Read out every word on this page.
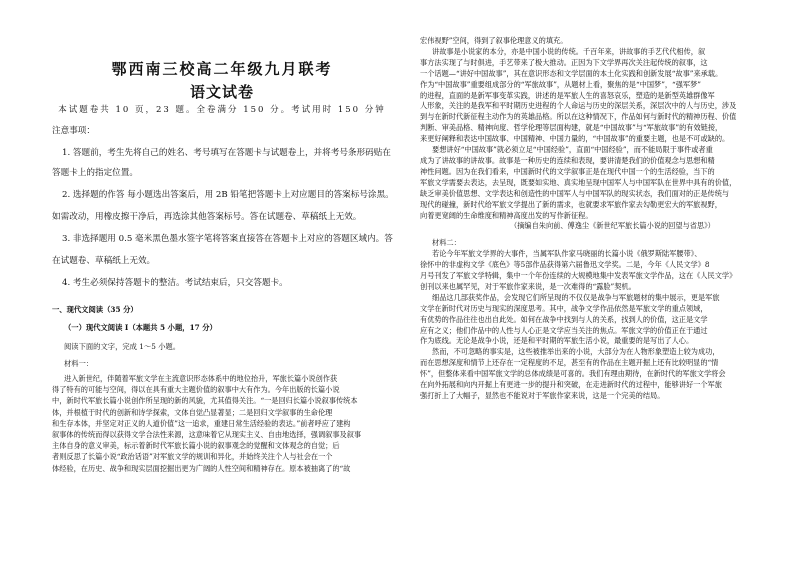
鄂西南三校高二年级九月联考
语文试卷
本试题卷共 10 页，23 题。全卷满分 150 分。考试用时 150 分钟
注意事项：
1. 答题前，考生先将自己的姓名、考号填写在答题卡与试题卷上，并将考号条形码贴在
答题卡上的指定位置。
2. 选择题的作答 每小题选出答案后，用 2B 铅笔把答题卡上对应题目的答案标号涂黑。
如需改动，用橡皮擦干净后，再选涂其他答案标号。答在试题卷、草稿纸上无效。
3. 非选择题用 0.5 毫米黑色墨水签字笔将答案直接答在答题卡上对应的答题区域内。答
在试题卷、草稿纸上无效。
4. 考生必须保持答题卡的整洁。考试结束后，只交答题卡。
一、现代文阅读（35 分）
（一）现代文阅读 I（本题共 5 小题，17 分）
阅读下面的文字，完成 1～5 小题。
材料一：
进入新世纪，伴随着军旅文学在主流意识形态体系中的地位抬升，军旅长篇小说创作获
得了特有的可能与空间，得以在具有重大主题价值的叙事中大有作为。今年出版的长篇小说
中，新时代军旅长篇小说创作所呈现的新的风貌，尤其值得关注。“一是回归长篇小说叙事传统本
体，并根植于时代的创新和诗学探索，文体自觉凸显著显；二是回归文学叙事的生命伦理
和生存本体，并坚定对正义的人道价值”这一追求，重建日常生活经验的表达。”前者呼应了建构
叙事体的传统而得以获得文学合法性来源，这意味着它从现实主义、自由地选择，强调叙事及叙事
主体自身的意义审美，标示着新时代军旅长篇小说的叙事观念的觉醒和文体观念的自觉；后
者则反思了长篇小说“政治话语”对军旅文学的规训和异化，并始终关注个人与社会在一个
体经验，在历史、战争和现实层面挖掘出更为广阔的人性空间和精神存在。原本被抽离了的“故
宏伟视野”空间，得到了叙事伦理意义的填充。
讲故事是小说家的本分，亦是中国小说的传统。千百年来，讲故事的手艺代代相传，叙
事方法实现了与时俱进，手艺带来了极大推动。正因为下文学界再次关注起传统的叙事，这
一个话题—“讲好中国故事”，其在意识形态和文学层面的本土化实践和创新发展“故事”来承载。
作为“中国故事”重要组成部分的“军旅故事”，从题材上看，聚焦的是“中国梦”，“强军梦”
的进程，直面的是新军事变革实践，讲述的是军旅人生的喜怒哀乐，塑造的是新型英雄群像军
人形象，关注的是我军和平时期历史进程的个人命运与历史的深层关系，深层次中的人与历史，涉及
到与在新时代新征程主动作为的英雄品格。所以在这种情况下，作品如何与新时代的精神历程、价值
判断、审美品格、精神向度、哲学伦理等层面构建，就是“中国故事”与“军旅故事”的有效链接，
来更好阐释和表达中国故事、中国精神、中国力量的，“中国故事”的重要主题，也是不可或缺的。
要想讲好“中国故事”就必须立足“中国经验”，直面“中国经验”，而不能局限于事件或者重
成为了讲故事的讲故事。故事是一种历史的连续和表现，要讲清楚我们的价值观念与思想和精
神性问题。因为在我们看来，中国新时代的文学叙事正是在现代中国一个的生活经验，当下的
军旅文学需要去表达，去呈现，既要如实地、真实地呈现中国军人与中国军队在世界中具有的价值，
缺乏审美价值思想、文学表达和创造性的中国军人与中国军队的现实状态，我们面对的正是传统与
现代的碰撞，新时代给军旅文学提出了新的需求，也就要求军旅作家去勾勒更宏大的军旅视野，
向着更宽阔的生命维度和精神高度出发的写作新征程。
（摘编自朱向前、傅逸尘《新世纪军旅长篇小说的回望与省思》）
材料二：
若论今年军旅文学界的大事件，当属军队作家马晓丽的长篇小说《俄罗斯陆军腰带》、
徐怀中的非虚构文学《底色》等5部作品获得第六届鲁迅文学奖。二是，今年《人民文学》8
月号刊发了军旅文学特辑，集中一个年份连续的大规模地集中发表军旅文学作品，这在《人民文学》
创刊以来也属罕见，对于军旅作家来说，是一次难得的“露脸”契机。
细品这几部获奖作品，会发现它们所呈现的不仅仅是战争与军旅题材的集中展示，更是军旅
文学在新时代对历史与现实的深度思考。其中，战争文学作品依然是军旅文学的重点领域，
有优势的作品往往也出自此处。如何在战争中找到与人的关系，找到人的价值，这正是文学
应有之义；他们作品中的人性与人心正是文学应当关注的焦点。军旅文学的价值正在于通过
作为底线。无论是战争小说，还是和平时期的军旅生活小说，最重要的是写出了人心。
然而，不可忽略的事实是，这些被推举出来的小说，大部分为在人物形象塑造上较为成功，
而在思想深度和情节上还存在一定程度的不足，甚至有的作品在主题开掘上还有比较明显的“情
怀”，但整体来看中国军旅文学的总体成绩是可喜的。我们有理由期待，在新时代的军旅文学将会
在向外拓展和向内开掘上有更进一步的提升和突破，在走进新时代的过程中，能够讲好一个军旅
强打折上了大幅子，显然也不能说对于军旅作家来说，这是一个完美的结局。
